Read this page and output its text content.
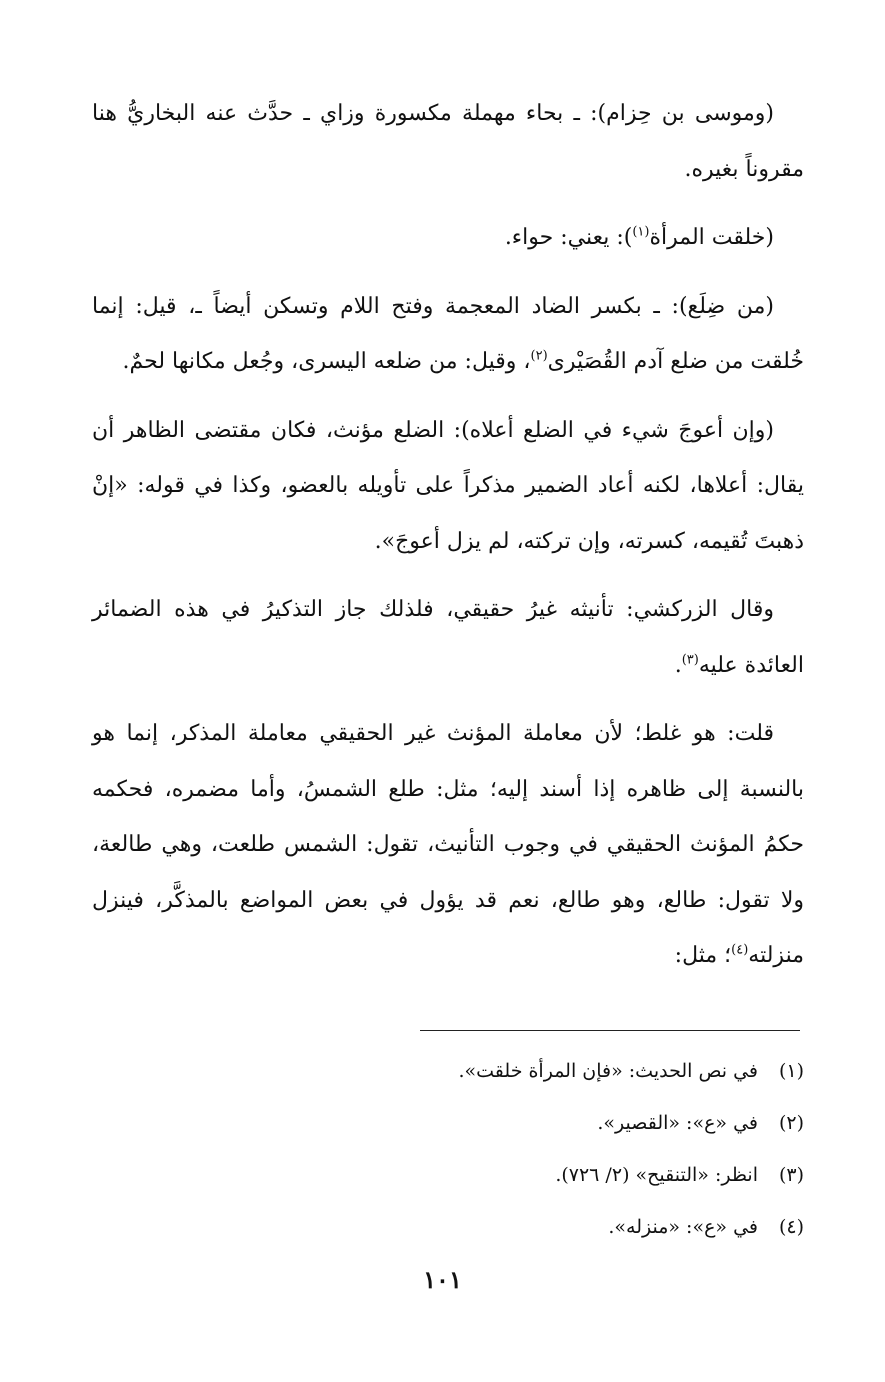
(وموسى بن حِزام): ـ بحاء مهملة مكسورة وزاي ـ حدَّث عنه البخاريُّ هنا مقروناً بغيره.

(خلقت المرأة$^{(١)}$): يعني: حواء.

(من ضِلَع): ـ بكسر الضاد المعجمة وفتح اللام وتسكن أيضاً ـ، قيل: إنما خُلقت من ضلع آدم القُصَيْرى$^{(٢)}$، وقيل: من ضلعه اليسرى، وجُعل مكانها لحمٌ.

(وإن أعوجَ شيء في الضلع أعلاه): الضلع مؤنث، فكان مقتضى الظاهر أن يقال: أعلاها، لكنه أعاد الضمير مذكراً على تأويله بالعضو، وكذا في قوله: «إنْ ذهبتَ تُقيمه، كسرته، وإن تركته، لم يزل أعوجَ».

وقال الزركشي: تأنيثه غيرُ حقيقي، فلذلك جاز التذكيرُ في هذه الضمائر العائدة عليه$^{(٣)}$.

قلت: هو غلط؛ لأن معاملة المؤنث غير الحقيقي معاملة المذكر، إنما هو بالنسبة إلى ظاهره إذا أسند إليه؛ مثل: طلع الشمسُ، وأما مضمره، فحكمه حكمُ المؤنث الحقيقي في وجوب التأنيث، تقول: الشمس طلعت، وهي طالعة، ولا تقول: طالع، وهو طالع، نعم قد يؤول في بعض المواضع بالمذكَّر، فينزل منزلته$^{(٤)}$؛ مثل:

(١)في نص الحديث: «فإن المرأة خلقت».
(٢)في «ع»: «القصير».
(٣)انظر: «التنقيح» (٢/ ٧٢٦).
(٤)في «ع»: «منزله».
١٠١
